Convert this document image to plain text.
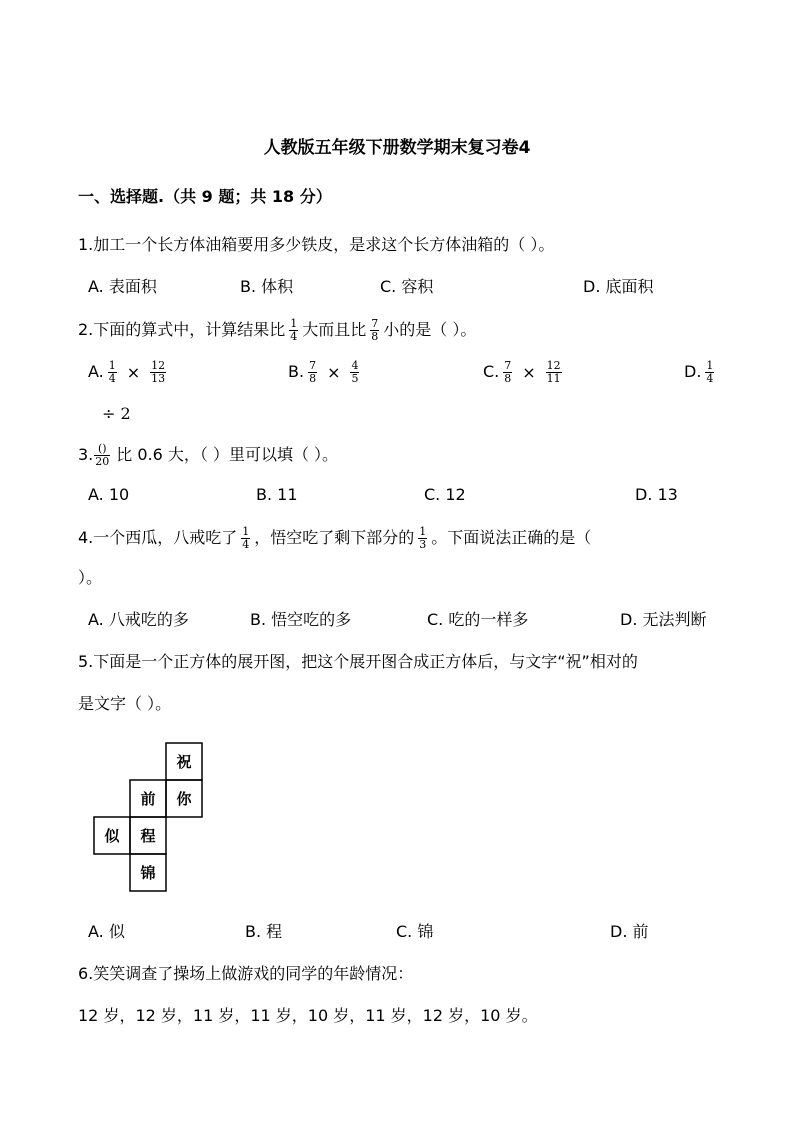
人教版五年级下册数学期末复习卷4
一、选择题.（共 9 题；共 18 分）
1.加工一个长方体油箱要用多少铁皮，是求这个长方体油箱的（ ）。
A. 表面积	B. 体积	C. 容积	D. 底面积
2.下面的算式中，计算结果比 $\frac{1}{4}$ 大而且比 $\frac{7}{8}$ 小的是（ ）。
A. $\frac{1}{4} \times \frac{12}{13}$	B. $\frac{7}{8} \times \frac{4}{5}$	C. $\frac{7}{8} \times \frac{12}{11}$	D. $\frac{1}{4}$
÷ 2
3. $\frac{()}{20}$ 比 0.6 大，（ ）里可以填（ ）。
A. 10	B. 11	C. 12	D. 13
4.一个西瓜，八戒吃了 $\frac{1}{4}$ ，悟空吃了剩下部分的 $\frac{1}{3}$ 。下面说法正确的是（
）。
A. 八戒吃的多	B. 悟空吃的多	C. 吃的一样多	D. 无法判断
5.下面是一个正方体的展开图，把这个展开图合成正方体后，与文字“祝”相对的
是文字（ ）。
祝
前 你
似 程
锦
A. 似	B. 程	C. 锦	D. 前
6.笑笑调查了操场上做游戏的同学的年龄情况：
12 岁，12 岁，11 岁，11 岁，10 岁，11 岁，12 岁，10 岁。
